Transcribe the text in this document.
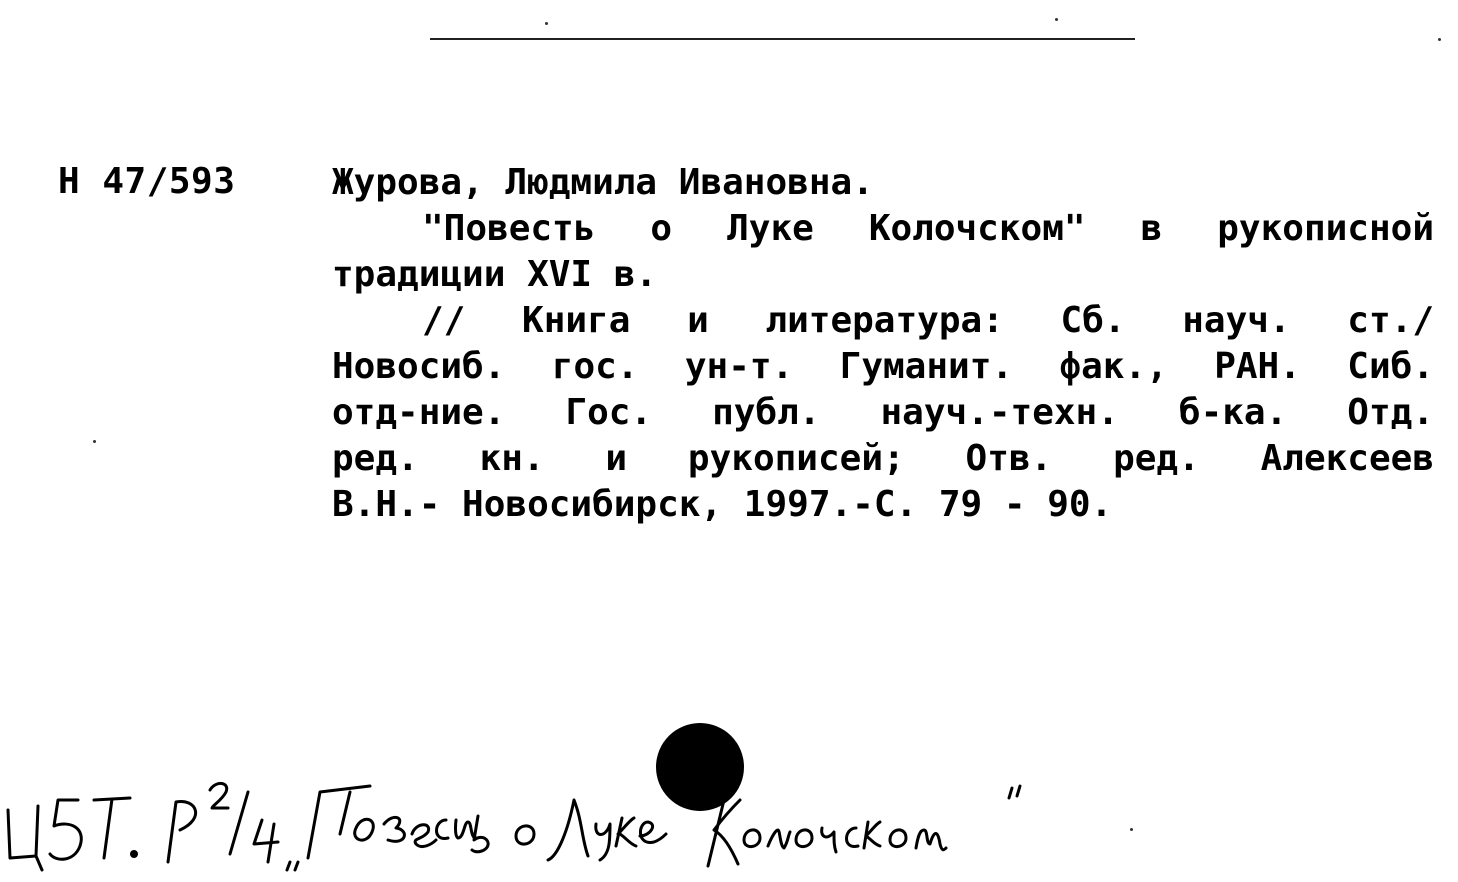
Н 47/593	Журова, Людмила Ивановна.
"Повесть о Луке Колочском" в рукописной
традиции XVI в.
// Книга и литература: Сб. науч. ст./
Новосиб. гос. ун-т. Гуманит. фак., РАН. Сиб.
отд-ние. Гос. публ. науч.-техн. б-ка. Отд.
ред. кн. и рукописей; Отв. ред. Алексеев
В.Н.- Новосибирск, 1997.-С. 79 - 90.
